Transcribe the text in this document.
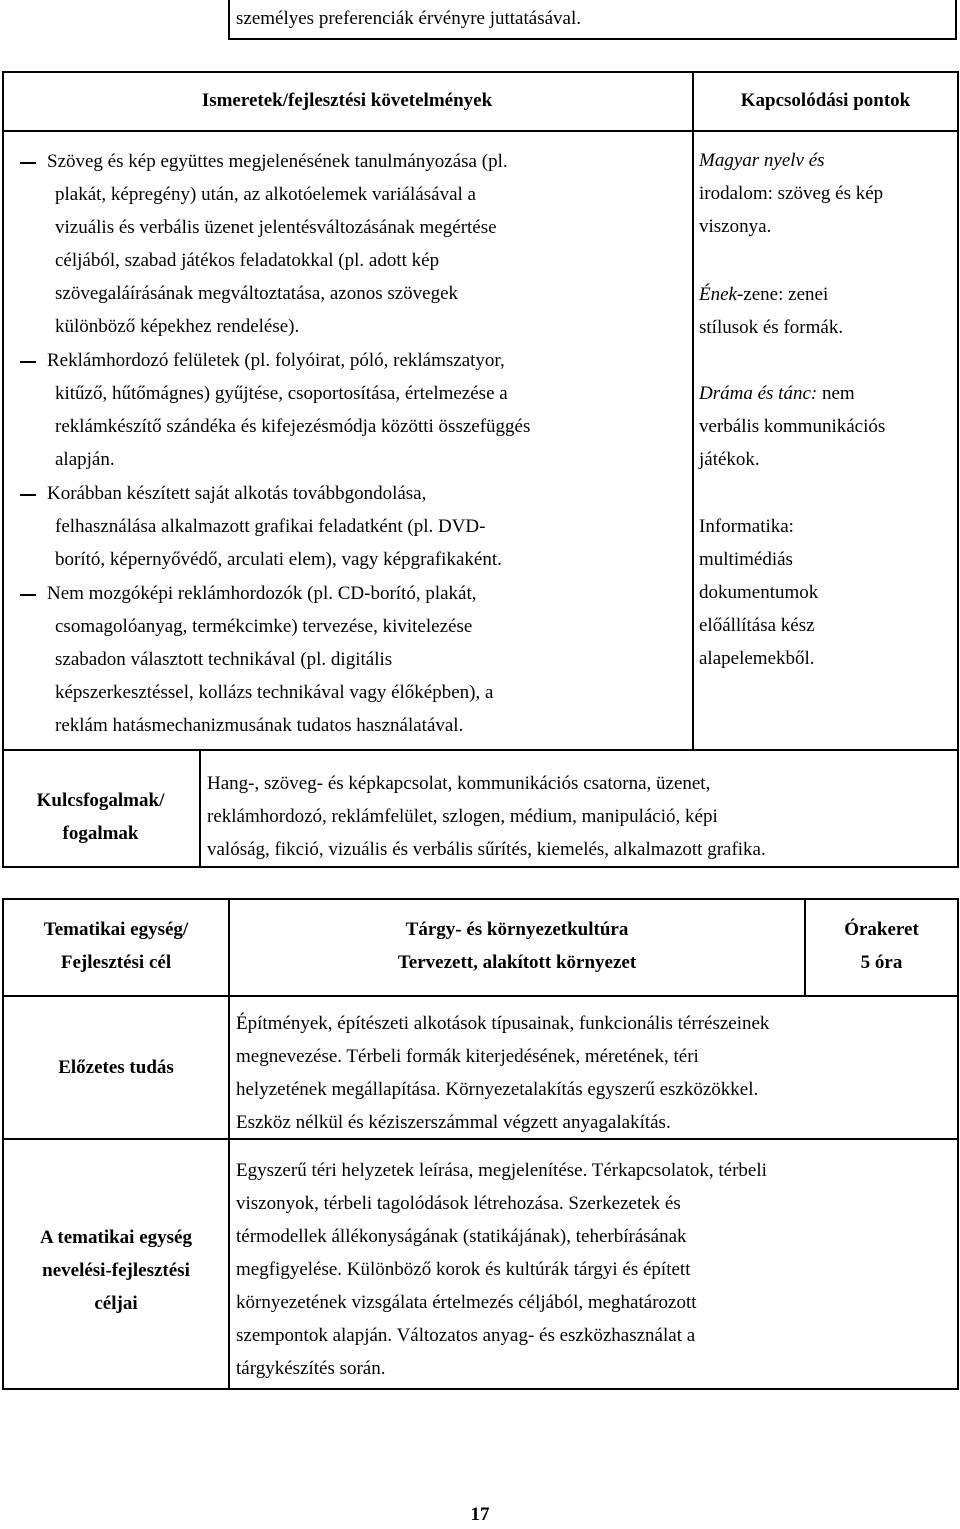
személyes preferenciák érvényre juttatásával.
Ismeretek/fejlesztési követelmények	Kapcsolódási pontok
Szöveg és kép együttes megjelenésének tanulmányozása (pl.
plakát, képregény) után, az alkotóelemek variálásával a
vizuális és verbális üzenet jelentésváltozásának megértése
céljából, szabad játékos feladatokkal (pl. adott kép
szövegaláírásának megváltoztatása, azonos szövegek
különböző képekhez rendelése).
Reklámhordozó felületek (pl. folyóirat, póló, reklámszatyor,
kitűző, hűtőmágnes) gyűjtése, csoportosítása, értelmezése a
reklámkészítő szándéka és kifejezésmódja közötti összefüggés
alapján.
Korábban készített saját alkotás továbbgondolása,
felhasználása alkalmazott grafikai feladatként (pl. DVD-
borító, képernyővédő, arculati elem), vagy képgrafikaként.
Nem mozgóképi reklámhordozók (pl. CD-borító, plakát,
csomagolóanyag, termékcimke) tervezése, kivitelezése
szabadon választott technikával (pl. digitális
képszerkesztéssel, kollázs technikával vagy élőképben), a
reklám hatásmechanizmusának tudatos használatával.
Magyar nyelv és
irodalom: szöveg és kép
viszonya.
Ének-zene: zenei
stílusok és formák.
Dráma és tánc: nem
verbális kommunikációs
játékok.
Informatika:
multimédiás
dokumentumok
előállítása kész
alapelemekből.
Kulcsfogalmak/
fogalmak
Hang-, szöveg- és képkapcsolat, kommunikációs csatorna, üzenet,
reklámhordozó, reklámfelület, szlogen, médium, manipuláció, képi
valóság, fikció, vizuális és verbális sűrítés, kiemelés, alkalmazott grafika.
Tematikai egység/
Fejlesztési cél
Tárgy- és környezetkultúra
Tervezett, alakított környezet
Órakeret
5 óra
Előzetes tudás
Építmények, építészeti alkotások típusainak, funkcionális térrészeinek
megnevezése. Térbeli formák kiterjedésének, méretének, téri
helyzetének megállapítása. Környezetalakítás egyszerű eszközökkel.
Eszköz nélkül és kéziszerszámmal végzett anyagalakítás.
A tematikai egység
nevelési-fejlesztési
céljai
Egyszerű téri helyzetek leírása, megjelenítése. Térkapcsolatok, térbeli
viszonyok, térbeli tagolódások létrehozása. Szerkezetek és
térmodellek állékonyságának (statikájának), teherbírásának
megfigyelése. Különböző korok és kultúrák tárgyi és épített
környezetének vizsgálata értelmezés céljából, meghatározott
szempontok alapján. Változatos anyag- és eszközhasználat a
tárgykészítés során.
17
